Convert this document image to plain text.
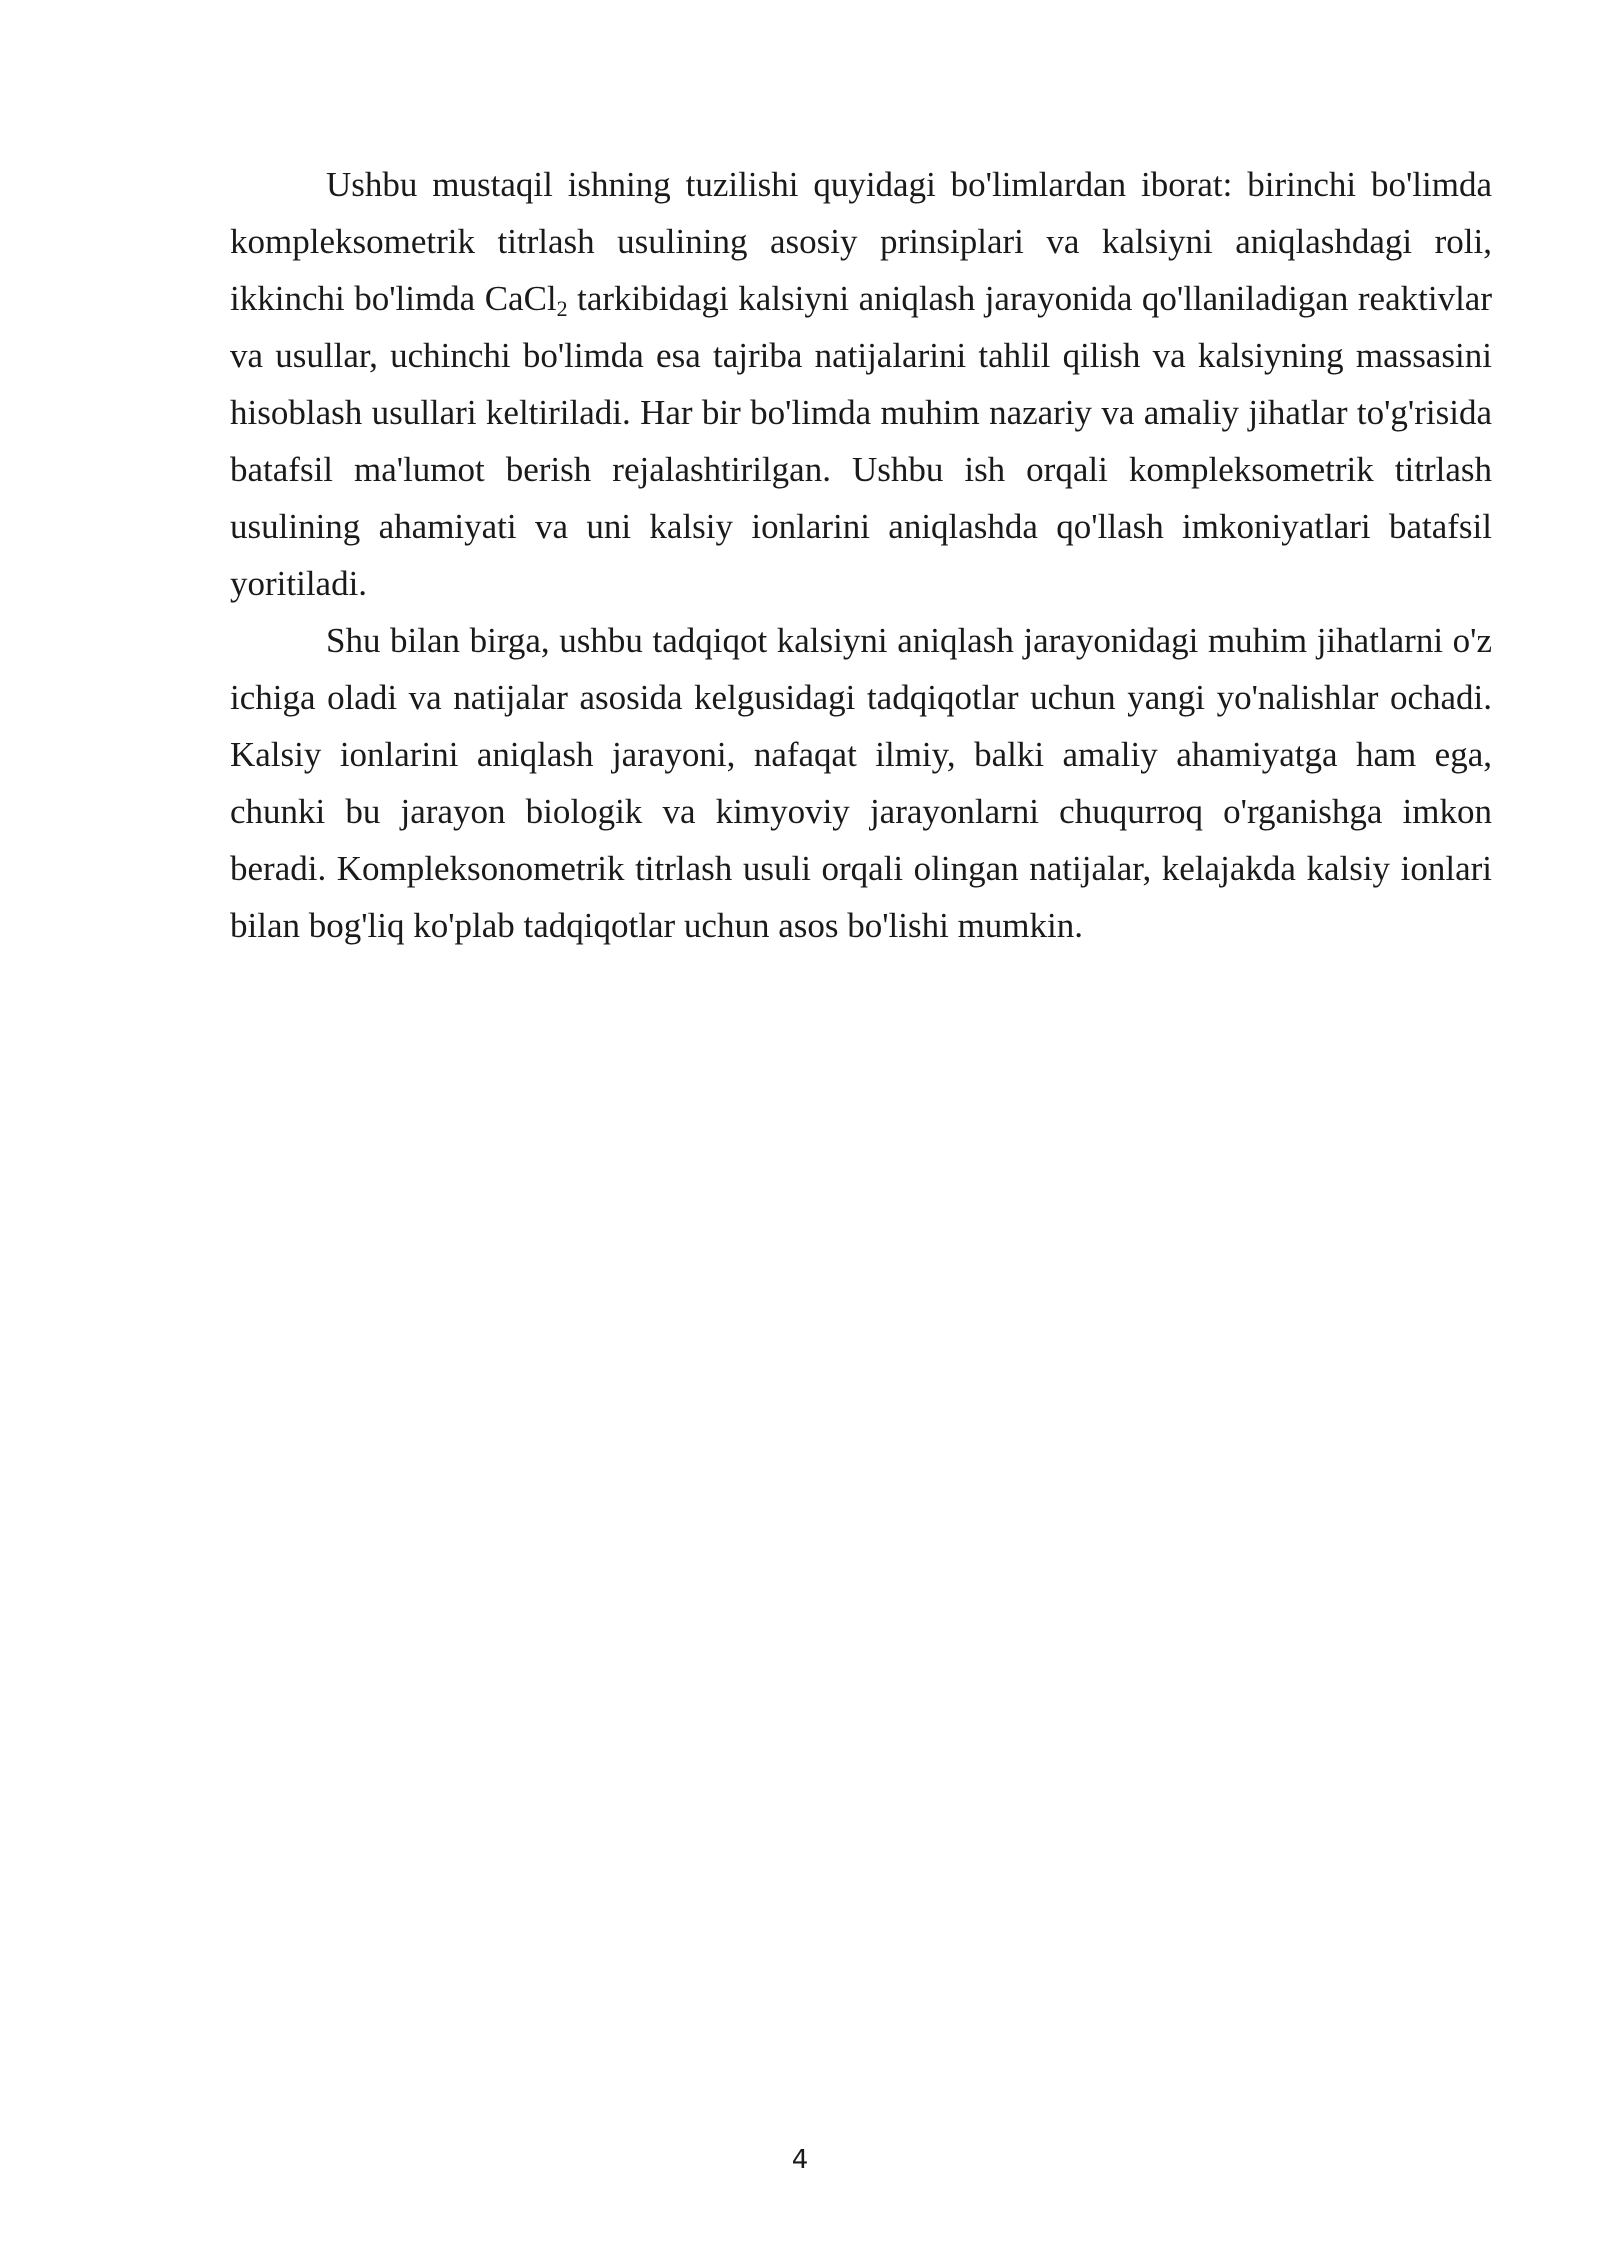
Ushbu mustaqil ishning tuzilishi quyidagi bo'limlardan iborat: birinchi bo'limda kompleksometrik titrlash usulining asosiy prinsiplari va kalsiyni aniqlashdagi roli, ikkinchi bo'limda CaCl$_2$ tarkibidagi kalsiyni aniqlash jarayonida qo'llaniladigan reaktivlar va usullar, uchinchi bo'limda esa tajriba natijalarini tahlil qilish va kalsiyning massasini hisoblash usullari keltiriladi. Har bir bo'limda muhim nazariy va amaliy jihatlar to'g'risida batafsil ma'lumot berish rejalashtirilgan. Ushbu ish orqali kompleksometrik titrlash usulining ahamiyati va uni kalsiy ionlarini aniqlashda qo'llash imkoniyatlari batafsil yoritiladi.

Shu bilan birga, ushbu tadqiqot kalsiyni aniqlash jarayonidagi muhim jihatlarni o'z ichiga oladi va natijalar asosida kelgusidagi tadqiqotlar uchun yangi yo'nalishlar ochadi. Kalsiy ionlarini aniqlash jarayoni, nafaqat ilmiy, balki amaliy ahamiyatga ham ega, chunki bu jarayon biologik va kimyoviy jarayonlarni chuqurroq o'rganishga imkon beradi. Kompleksonometrik titrlash usuli orqali olingan natijalar, kelajakda kalsiy ionlari bilan bog'liq ko'plab tadqiqotlar uchun asos bo'lishi mumkin.

4
